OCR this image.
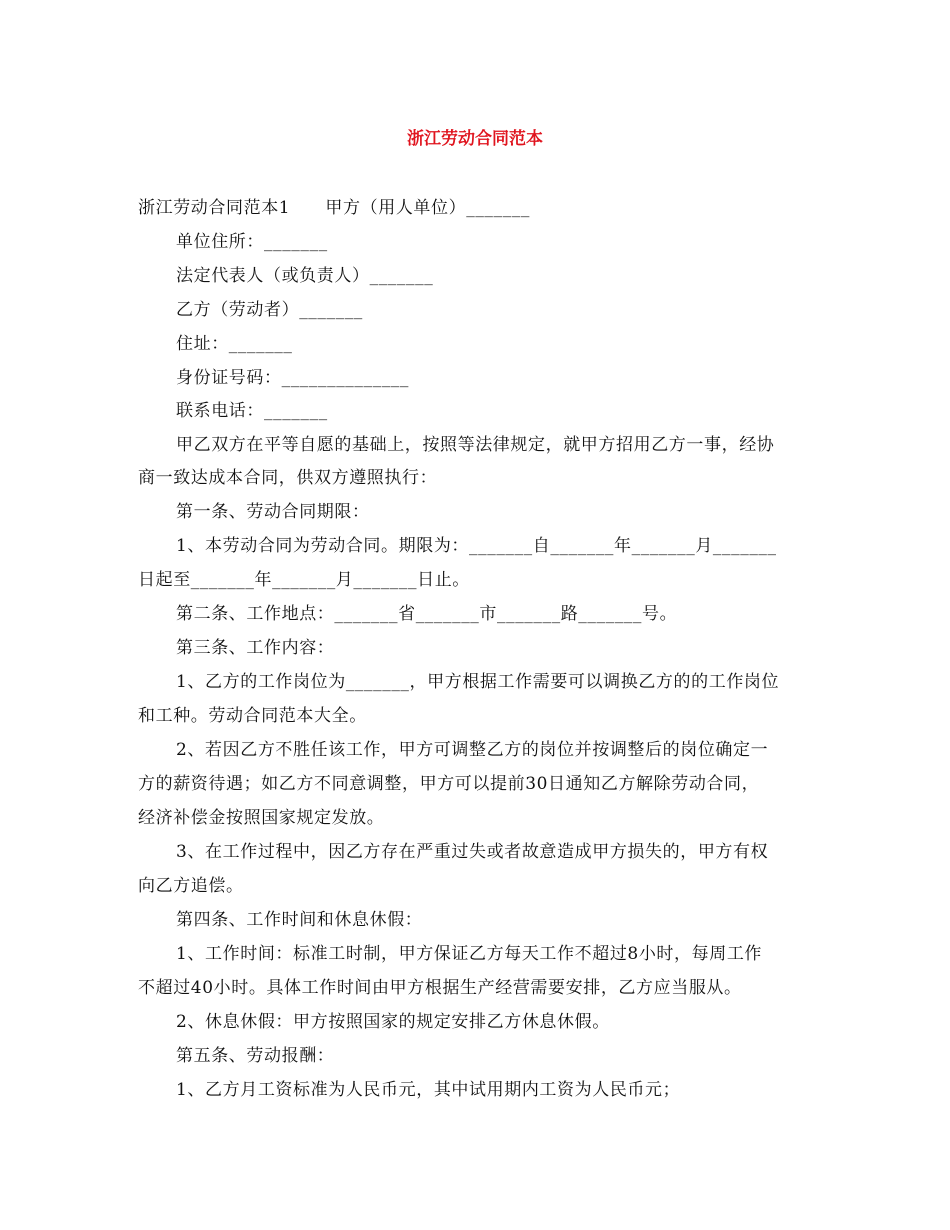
浙江劳动合同范本
浙江劳动合同范本1　　甲方（用人单位）_______
单位住所：_______
法定代表人（或负责人）_______
乙方（劳动者）_______
住址：_______
身份证号码：______________
联系电话：_______
甲乙双方在平等自愿的基础上，按照等法律规定，就甲方招用乙方一事，经协
商一致达成本合同，供双方遵照执行：
第一条、劳动合同期限：
1、本劳动合同为劳动合同。期限为：_______自_______年_______月_______
日起至_______年_______月_______日止。
第二条、工作地点：_______省_______市_______路_______号。
第三条、工作内容：
1、乙方的工作岗位为_______，甲方根据工作需要可以调换乙方的的工作岗位
和工种。劳动合同范本大全。
2、若因乙方不胜任该工作，甲方可调整乙方的岗位并按调整后的岗位确定一
方的薪资待遇；如乙方不同意调整，甲方可以提前30日通知乙方解除劳动合同，
经济补偿金按照国家规定发放。
3、在工作过程中，因乙方存在严重过失或者故意造成甲方损失的，甲方有权
向乙方追偿。
第四条、工作时间和休息休假：
1、工作时间：标准工时制，甲方保证乙方每天工作不超过8小时，每周工作
不超过40小时。具体工作时间由甲方根据生产经营需要安排，乙方应当服从。
2、休息休假：甲方按照国家的规定安排乙方休息休假。
第五条、劳动报酬：
1、乙方月工资标准为人民币元，其中试用期内工资为人民币元；
